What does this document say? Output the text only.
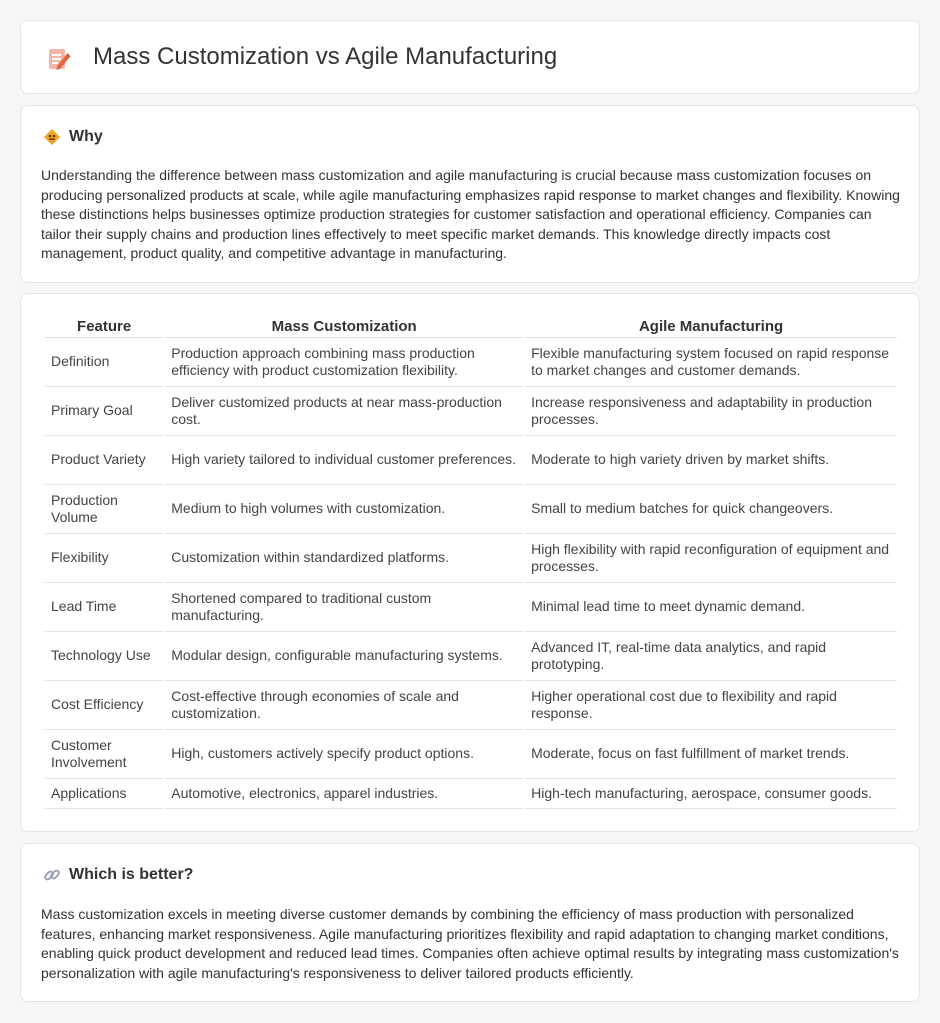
Mass Customization vs Agile Manufacturing
Why

Understanding the difference between mass customization and agile manufacturing is crucial because mass customization focuses on producing personalized products at scale, while agile manufacturing emphasizes rapid response to market changes and flexibility. Knowing these distinctions helps businesses optimize production strategies for customer satisfaction and operational efficiency. Companies can tailor their supply chains and production lines effectively to meet specific market demands. This knowledge directly impacts cost management, product quality, and competitive advantage in manufacturing.

Feature	Mass Customization	Agile Manufacturing
Definition	Production approach combining mass production efficiency with product customization flexibility.	Flexible manufacturing system focused on rapid response to market changes and customer demands.
Primary Goal	Deliver customized products at near mass-production cost.	Increase responsiveness and adaptability in production processes.
Product Variety	High variety tailored to individual customer preferences.	Moderate to high variety driven by market shifts.
Production Volume	Medium to high volumes with customization.	Small to medium batches for quick changeovers.
Flexibility	Customization within standardized platforms.	High flexibility with rapid reconfiguration of equipment and processes.
Lead Time	Shortened compared to traditional custom manufacturing.	Minimal lead time to meet dynamic demand.
Technology Use	Modular design, configurable manufacturing systems.	Advanced IT, real-time data analytics, and rapid prototyping.
Cost Efficiency	Cost-effective through economies of scale and customization.	Higher operational cost due to flexibility and rapid response.
Customer Involvement	High, customers actively specify product options.	Moderate, focus on fast fulfillment of market trends.
Applications	Automotive, electronics, apparel industries.	High-tech manufacturing, aerospace, consumer goods.
Which is better?

Mass customization excels in meeting diverse customer demands by combining the efficiency of mass production with personalized features, enhancing market responsiveness. Agile manufacturing prioritizes flexibility and rapid adaptation to changing market conditions, enabling quick product development and reduced lead times. Companies often achieve optimal results by integrating mass customization's personalization with agile manufacturing's responsiveness to deliver tailored products efficiently.
